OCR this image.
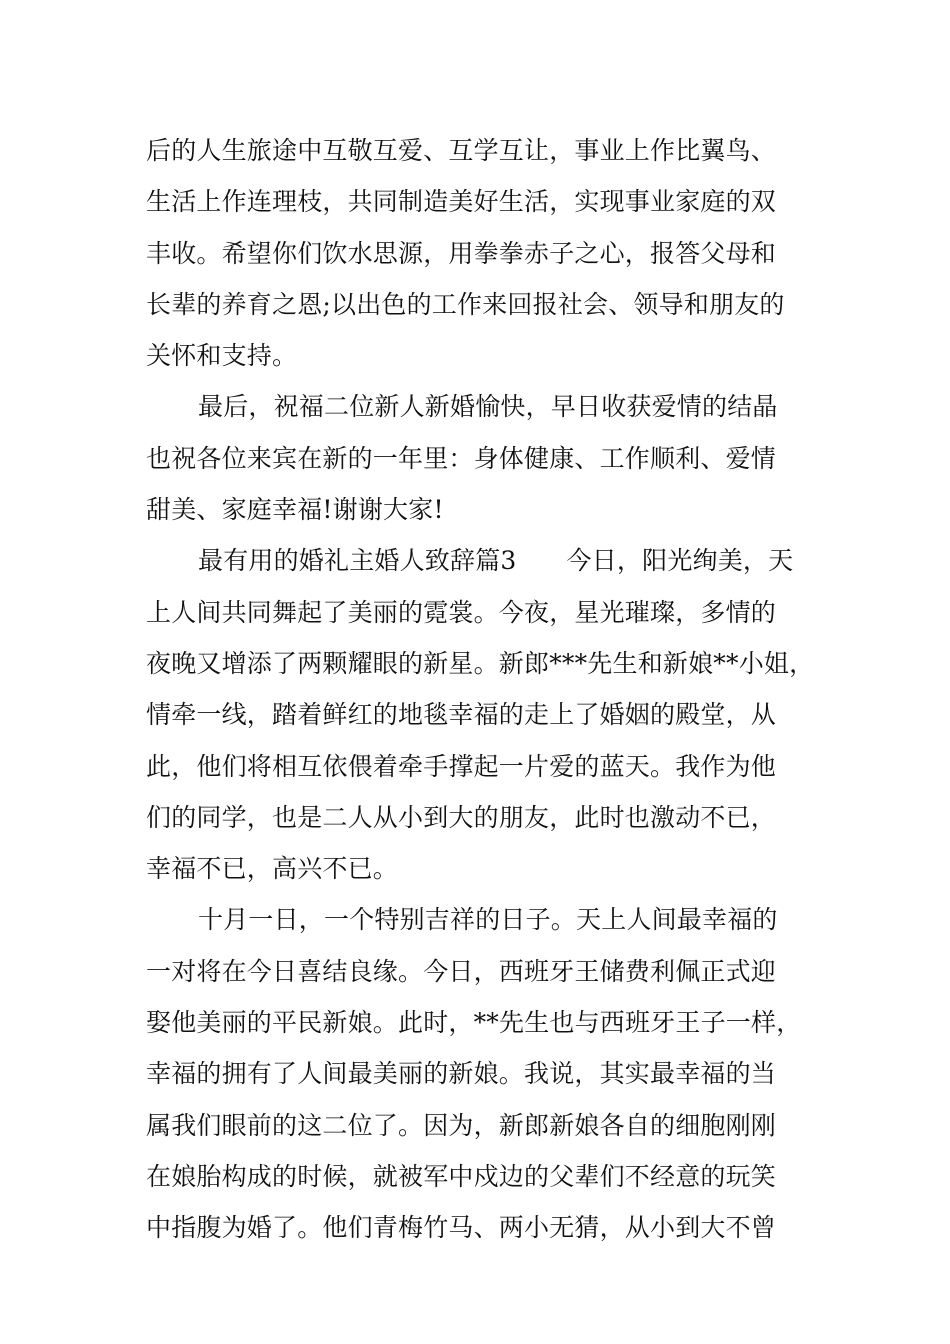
后的人生旅途中互敬互爱、互学互让，事业上作比翼鸟、
生活上作连理枝，共同制造美好生活，实现事业家庭的双
丰收。希望你们饮水思源，用拳拳赤子之心，报答父母和
长辈的养育之恩;以出色的工作来回报社会、领导和朋友的
关怀和支持。
最后，祝福二位新人新婚愉快，早日收获爱情的结晶
也祝各位来宾在新的一年里：身体健康、工作顺利、爱情
甜美、家庭幸福!谢谢大家!
最有用的婚礼主婚人致辞篇3 今日，阳光绚美，天
上人间共同舞起了美丽的霓裳。今夜，星光璀璨，多情的
夜晚又增添了两颗耀眼的新星。新郎***先生和新娘**小姐，
情牵一线，踏着鲜红的地毯幸福的走上了婚姻的殿堂，从
此，他们将相互依偎着牵手撑起一片爱的蓝天。我作为他
们的同学，也是二人从小到大的朋友，此时也激动不已，
幸福不已，高兴不已。
十月一日，一个特别吉祥的日子。天上人间最幸福的
一对将在今日喜结良缘。今日，西班牙王储费利佩正式迎
娶他美丽的平民新娘。此时，**先生也与西班牙王子一样，
幸福的拥有了人间最美丽的新娘。我说，其实最幸福的当
属我们眼前的这二位了。因为，新郎新娘各自的细胞刚刚
在娘胎构成的时候，就被军中戍边的父辈们不经意的玩笑
中指腹为婚了。他们青梅竹马、两小无猜，从小到大不曾
